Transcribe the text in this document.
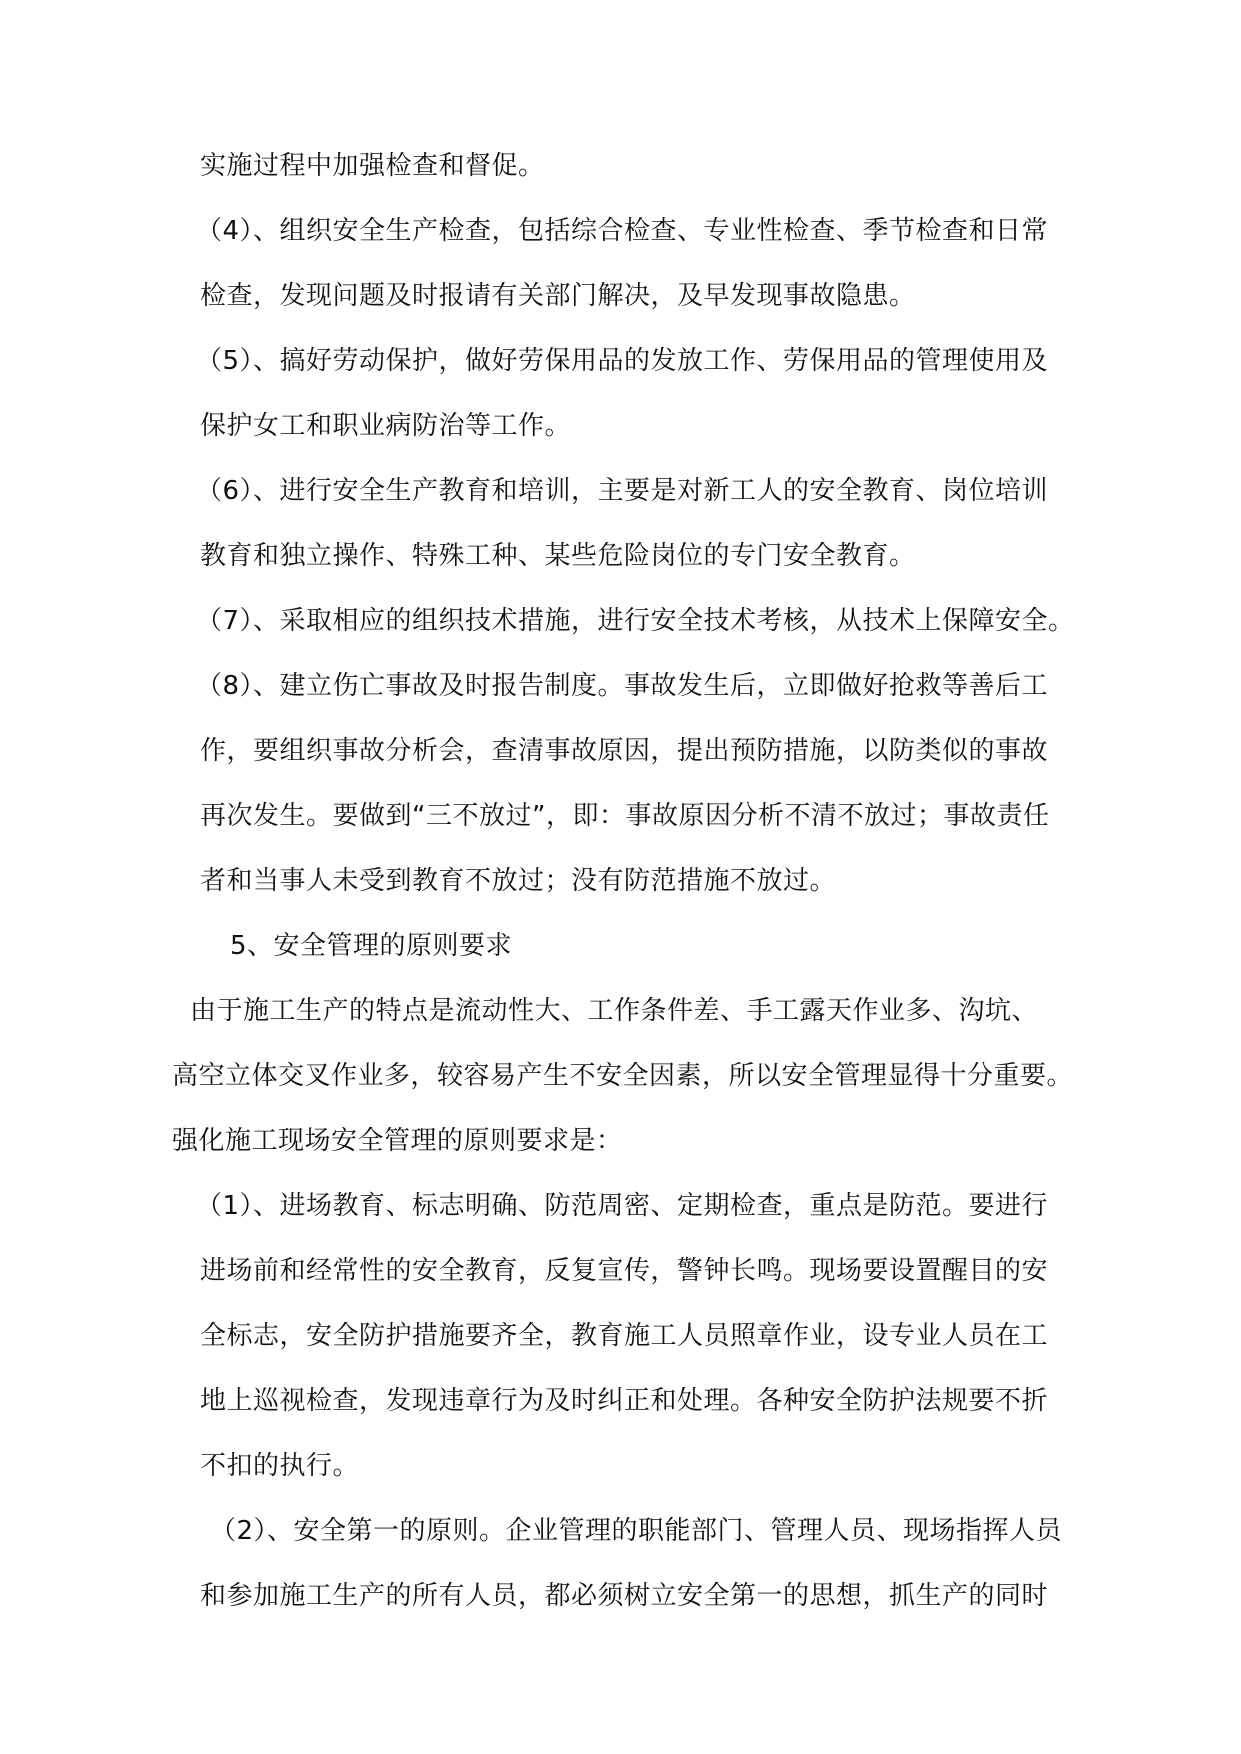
实施过程中加强检查和督促。
（4）、组织安全生产检查，包括综合检查、专业性检查、季节检查和日常
检查，发现问题及时报请有关部门解决，及早发现事故隐患。
（5）、搞好劳动保护，做好劳保用品的发放工作、劳保用品的管理使用及
保护女工和职业病防治等工作。
（6）、进行安全生产教育和培训，主要是对新工人的安全教育、岗位培训
教育和独立操作、特殊工种、某些危险岗位的专门安全教育。
（7）、采取相应的组织技术措施，进行安全技术考核，从技术上保障安全。
（8）、建立伤亡事故及时报告制度。事故发生后，立即做好抢救等善后工
作，要组织事故分析会，查清事故原因，提出预防措施，以防类似的事故
再次发生。要做到“三不放过”，即：事故原因分析不清不放过；事故责任
者和当事人未受到教育不放过；没有防范措施不放过。
5、安全管理的原则要求
由于施工生产的特点是流动性大、工作条件差、手工露天作业多、沟坑、
高空立体交叉作业多，较容易产生不安全因素，所以安全管理显得十分重要。
强化施工现场安全管理的原则要求是：
（1）、进场教育、标志明确、防范周密、定期检查，重点是防范。要进行
进场前和经常性的安全教育，反复宣传，警钟长鸣。现场要设置醒目的安
全标志，安全防护措施要齐全，教育施工人员照章作业，设专业人员在工
地上巡视检查，发现违章行为及时纠正和处理。各种安全防护法规要不折
不扣的执行。
（2）、安全第一的原则。企业管理的职能部门、管理人员、现场指挥人员
和参加施工生产的所有人员，都必须树立安全第一的思想，抓生产的同时
